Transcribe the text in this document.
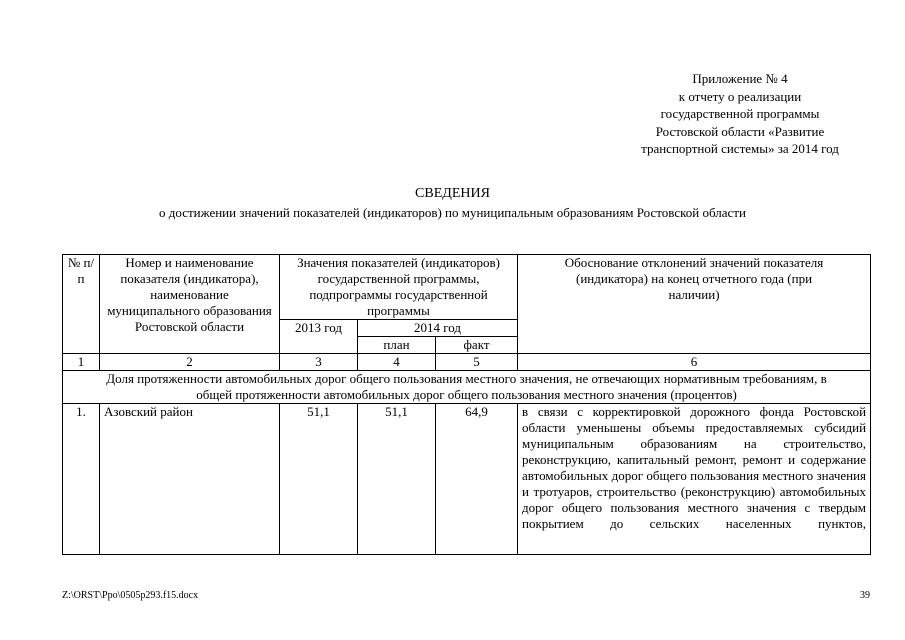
Приложение № 4
к отчету о реализации
государственной программы
Ростовской области «Развитие
транспортной системы» за 2014 год
СВЕДЕНИЯ
о достижении значений показателей (индикаторов) по муниципальным образованиям Ростовской области
№ п/п	Номер и наименование показателя (индикатора), наименование муниципального образования Ростовской области	Значения показателей (индикаторов) государственной программы, подпрограммы государственной программы			Обоснование отклонений значений показателя (индикатора) на конец отчетного года (при наличии)
		2013 год	2014 год		
			план	факт	
1	2	3	4	5	6
Доля протяженности автомобильных дорог общего пользования местного значения, не отвечающих нормативным требованиям, в общей протяженности автомобильных дорог общего пользования местного значения (процентов)					
1.	Азовский район	51,1	51,1	64,9	в связи с корректировкой дорожного фонда Ростовской области уменьшены объемы предоставляемых субсидий муниципальным образованиям на строительство, реконструкцию, капитальный ремонт, ремонт и содержание автомобильных дорог общего пользования местного значения и тротуаров, строительство (реконструкцию) автомобильных дорог общего пользования местного значения с твердым покрытием до сельских населенных пунктов,
Z:\ORST\Ppo\0505p293.f15.docx	39
